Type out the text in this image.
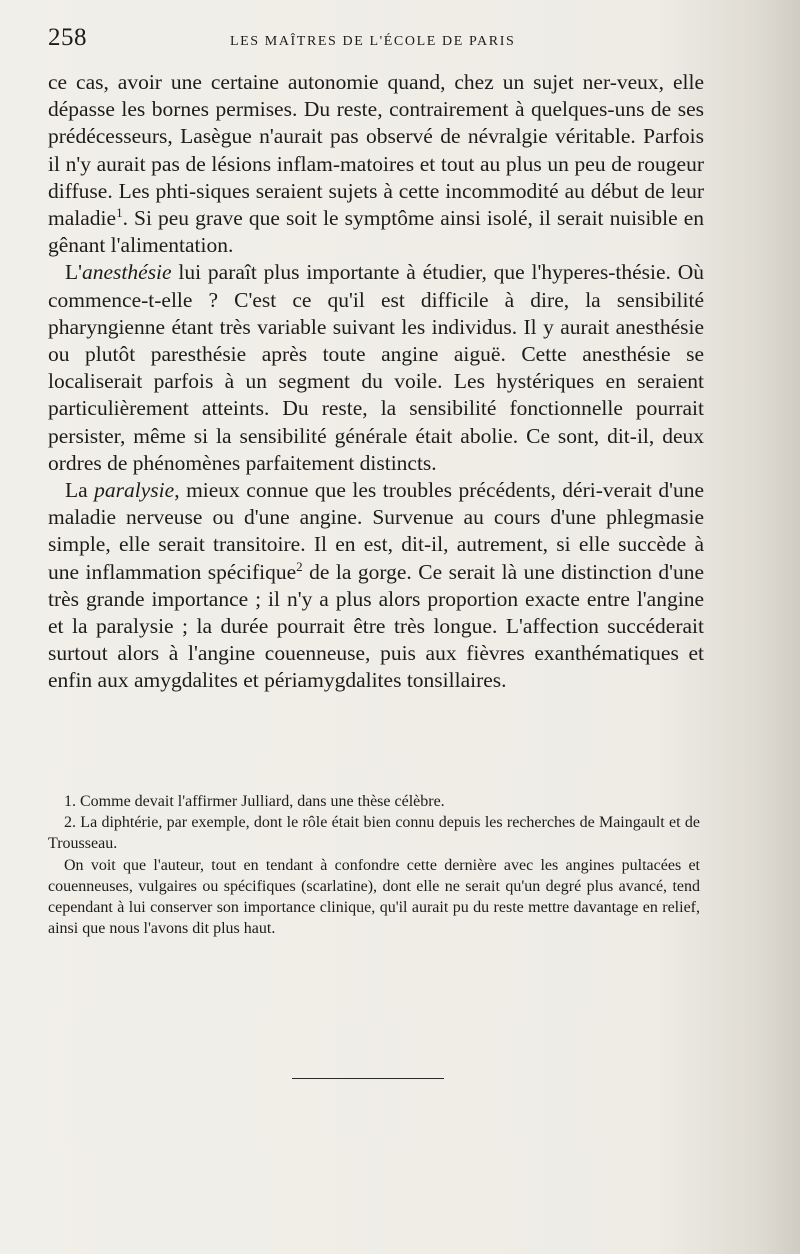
258	LES MAÎTRES DE L'ÉCOLE DE PARIS

ce cas, avoir une certaine autonomie quand, chez un sujet ner-veux, elle dépasse les bornes permises. Du reste, contrairement à quelques-uns de ses prédécesseurs, Lasègue n'aurait pas observé de névralgie véritable. Parfois il n'y aurait pas de lésions inflam-matoires et tout au plus un peu de rougeur diffuse. Les phti-siques seraient sujets à cette incommodité au début de leur maladie$^1$. Si peu grave que soit le symptôme ainsi isolé, il serait nuisible en gênant l'alimentation.

L'anesthésie lui paraît plus importante à étudier, que l'hyperes-thésie. Où commence-t-elle ? C'est ce qu'il est difficile à dire, la sensibilité pharyngienne étant très variable suivant les individus. Il y aurait anesthésie ou plutôt paresthésie après toute angine aiguë. Cette anesthésie se localiserait parfois à un segment du voile. Les hystériques en seraient particulièrement atteints. Du reste, la sensibilité fonctionnelle pourrait persister, même si la sensibilité générale était abolie. Ce sont, dit-il, deux ordres de phénomènes parfaitement distincts.

La paralysie, mieux connue que les troubles précédents, déri-verait d'une maladie nerveuse ou d'une angine. Survenue au cours d'une phlegmasie simple, elle serait transitoire. Il en est, dit-il, autrement, si elle succède à une inflammation spécifique$^2$ de la gorge. Ce serait là une distinction d'une très grande importance ; il n'y a plus alors proportion exacte entre l'angine et la paralysie ; la durée pourrait être très longue. L'affection succéderait surtout alors à l'angine couenneuse, puis aux fièvres exanthématiques et enfin aux amygdalites et périamygdalites tonsillaires.

1. Comme devait l'affirmer Julliard, dans une thèse célèbre.

2. La diphtérie, par exemple, dont le rôle était bien connu depuis les recherches de Maingault et de Trousseau.

On voit que l'auteur, tout en tendant à confondre cette dernière avec les angines pultacées et couenneuses, vulgaires ou spécifiques (scarlatine), dont elle ne serait qu'un degré plus avancé, tend cependant à lui conserver son importance clinique, qu'il aurait pu du reste mettre davantage en relief, ainsi que nous l'avons dit plus haut.
